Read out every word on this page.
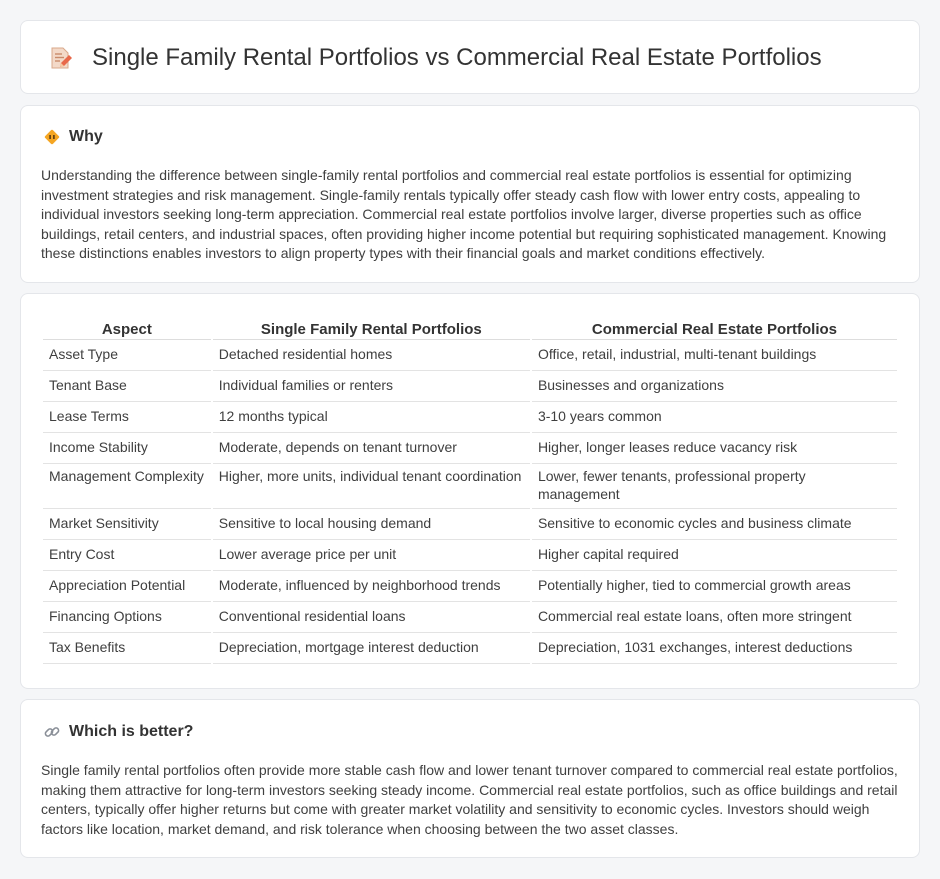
Single Family Rental Portfolios vs Commercial Real Estate Portfolios
Why

Understanding the difference between single-family rental portfolios and commercial real estate portfolios is essential for optimizing investment strategies and risk management. Single-family rentals typically offer steady cash flow with lower entry costs, appealing to individual investors seeking long-term appreciation. Commercial real estate portfolios involve larger, diverse properties such as office buildings, retail centers, and industrial spaces, often providing higher income potential but requiring sophisticated management. Knowing these distinctions enables investors to align property types with their financial goals and market conditions effectively.

Aspect	Single Family Rental Portfolios	Commercial Real Estate Portfolios
Asset Type	Detached residential homes	Office, retail, industrial, multi-tenant buildings
Tenant Base	Individual families or renters	Businesses and organizations
Lease Terms	12 months typical	3-10 years common
Income Stability	Moderate, depends on tenant turnover	Higher, longer leases reduce vacancy risk
Management Complexity	Higher, more units, individual tenant coordination	Lower, fewer tenants, professional property management
Market Sensitivity	Sensitive to local housing demand	Sensitive to economic cycles and business climate
Entry Cost	Lower average price per unit	Higher capital required
Appreciation Potential	Moderate, influenced by neighborhood trends	Potentially higher, tied to commercial growth areas
Financing Options	Conventional residential loans	Commercial real estate loans, often more stringent
Tax Benefits	Depreciation, mortgage interest deduction	Depreciation, 1031 exchanges, interest deductions
Which is better?

Single family rental portfolios often provide more stable cash flow and lower tenant turnover compared to commercial real estate portfolios, making them attractive for long-term investors seeking steady income. Commercial real estate portfolios, such as office buildings and retail centers, typically offer higher returns but come with greater market volatility and sensitivity to economic cycles. Investors should weigh factors like location, market demand, and risk tolerance when choosing between the two asset classes.
